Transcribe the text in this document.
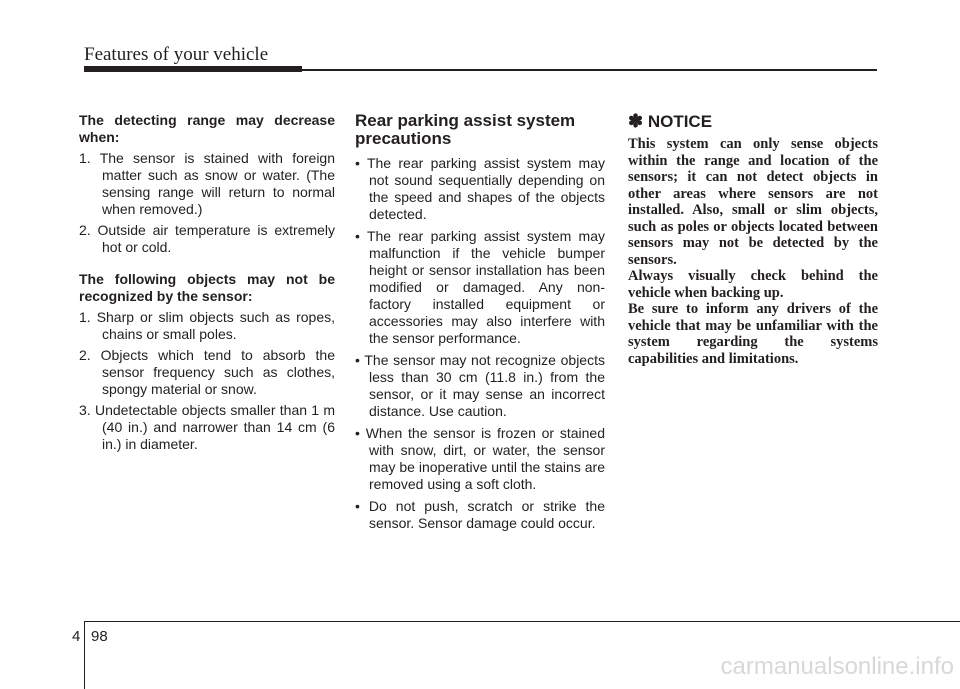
Features of your vehicle

The detecting range may decrease when:

1. The sensor is stained with foreign matter such as snow or water. (The sensing range will return to normal when removed.)
2. Outside air temperature is extremely hot or cold.

The following objects may not be recognized by the sensor:

1. Sharp or slim objects such as ropes, chains or small poles.
2. Objects which tend to absorb the sensor frequency such as clothes, spongy material or snow.
3. Undetectable objects smaller than 1 m (40 in.) and narrower than 14 cm (6 in.) in diameter.
Rear parking assist system precautions
• The rear parking assist system may not sound sequentially depending on the speed and shapes of the objects detected.
• The rear parking assist system may malfunction if the vehicle bumper height or sensor installation has been modified or damaged. Any non-factory installed equipment or accessories may also interfere with the sensor performance.
• The sensor may not recognize objects less than 30 cm (11.8 in.) from the sensor, or it may sense an incorrect distance. Use caution.
• When the sensor is frozen or stained with snow, dirt, or water, the sensor may be inoperative until the stains are removed using a soft cloth.
• Do not push, scratch or strike the sensor. Sensor damage could occur.
✽ NOTICE

This system can only sense objects within the range and location of the sensors; it can not detect objects in other areas where sensors are not installed. Also, small or slim objects, such as poles or objects located between sensors may not be detected by the sensors.

Always visually check behind the vehicle when backing up.

Be sure to inform any drivers of the vehicle that may be unfamiliar with the system regarding the systems capabilities and limitations.

4 98
carmanualsonline.info
